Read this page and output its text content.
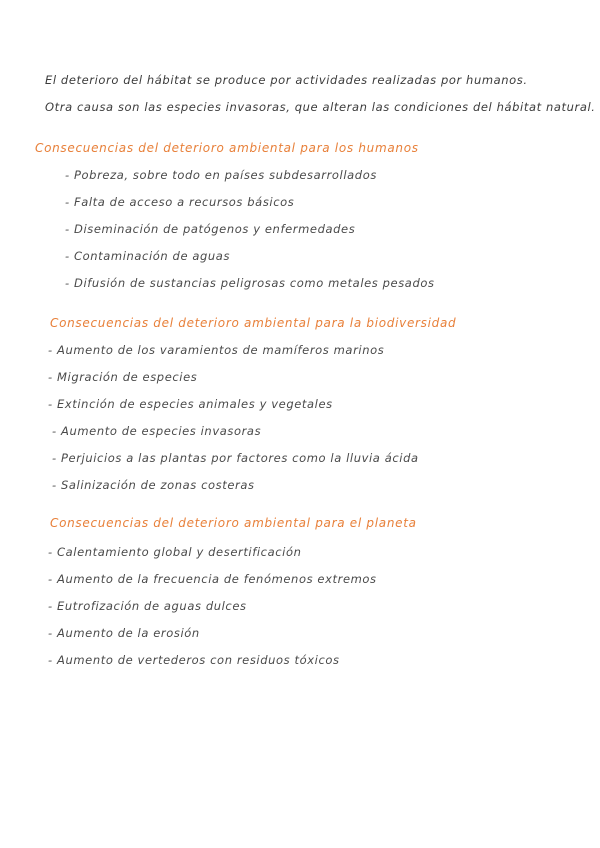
El deterioro del hábitat se produce por actividades realizadas por humanos.
Otra causa son las especies invasoras, que alteran las condiciones del hábitat natural.
Consecuencias del deterioro ambiental para los humanos
- Pobreza, sobre todo en países subdesarrollados
- Falta de acceso a recursos básicos
- Diseminación de patógenos y enfermedades
- Contaminación de aguas
- Difusión de sustancias peligrosas como metales pesados
Consecuencias del deterioro ambiental para la biodiversidad
- Aumento de los varamientos de mamíferos marinos
- Migración de especies
- Extinción de especies animales y vegetales
- Aumento de especies invasoras
- Perjuicios a las plantas por factores como la lluvia ácida
- Salinización de zonas costeras
Consecuencias del deterioro ambiental para el planeta
- Calentamiento global y desertificación
- Aumento de la frecuencia de fenómenos extremos
- Eutrofización de aguas dulces
- Aumento de la erosión
- Aumento de vertederos con residuos tóxicos
